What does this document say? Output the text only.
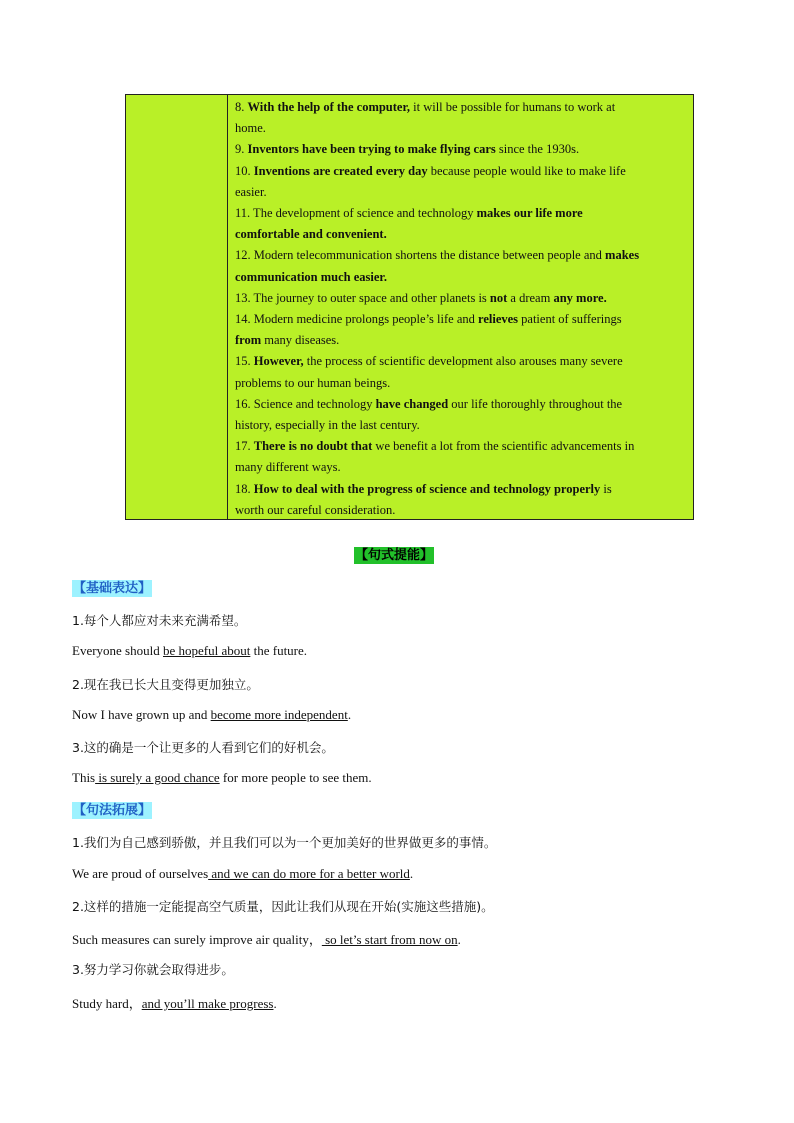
8. With the help of the computer, it will be possible for humans to work at
home.
9. Inventors have been trying to make flying cars since the 1930s.
10. Inventions are created every day because people would like to make life
easier.
11. The development of science and technology makes our life more
comfortable and convenient.
12. Modern telecommunication shortens the distance between people and makes
communication much easier.
13. The journey to outer space and other planets is not a dream any more.
14. Modern medicine prolongs people’s life and relieves patient of sufferings
from many diseases.
15. However, the process of scientific development also arouses many severe
problems to our human beings.
16. Science and technology have changed our life thoroughly throughout the
history, especially in the last century.
17. There is no doubt that we benefit a lot from the scientific advancements in
many different ways.
18. How to deal with the progress of science and technology properly is
worth our careful consideration.
【句式提能】
【基础表达】
1.每个人都应对未来充满希望。
Everyone should be hopeful about the future.
2.现在我已长大且变得更加独立。
Now I have grown up and become more independent.
3.这的确是一个让更多的人看到它们的好机会。
This is surely a good chance for more people to see them.
【句法拓展】
1.我们为自己感到骄傲，并且我们可以为一个更加美好的世界做更多的事情。
We are proud of ourselves and we can do more for a better world.
2.这样的措施一定能提高空气质量，因此让我们从现在开始(实施这些措施)。
Such measures can surely improve air quality， so let’s start from now on.
3.努力学习你就会取得进步。
Study hard，and you’ll make progress.
